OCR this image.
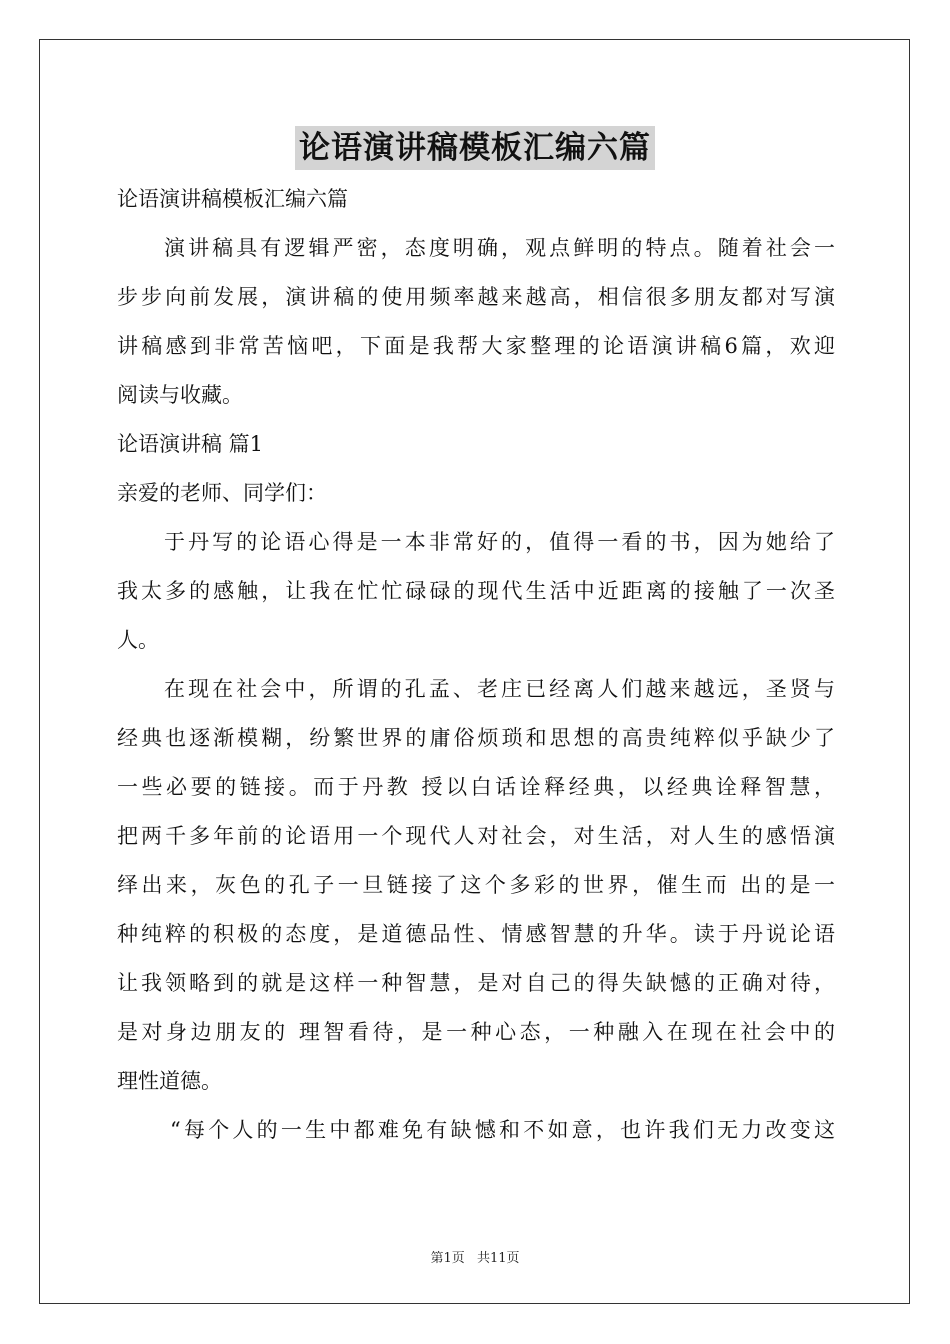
论语演讲稿模板汇编六篇
论语演讲稿模板汇编六篇
演讲稿具有逻辑严密，态度明确，观点鲜明的特点。随着社会一
步步向前发展，演讲稿的使用频率越来越高，相信很多朋友都对写演
讲稿感到非常苦恼吧，下面是我帮大家整理的论语演讲稿6篇，欢迎
阅读与收藏。
论语演讲稿 篇1
亲爱的老师、同学们：
于丹写的论语心得是一本非常好的，值得一看的书，因为她给了
我太多的感触，让我在忙忙碌碌的现代生活中近距离的接触了一次圣
人。
在现在社会中，所谓的孔孟、老庄已经离人们越来越远，圣贤与
经典也逐渐模糊，纷繁世界的庸俗烦琐和思想的高贵纯粹似乎缺少了
一些必要的链接。而于丹教 授以白话诠释经典，以经典诠释智慧，
把两千多年前的论语用一个现代人对社会，对生活，对人生的感悟演
绎出来，灰色的孔子一旦链接了这个多彩的世界，催生而 出的是一
种纯粹的积极的态度，是道德品性、情感智慧的升华。读于丹说论语
让我领略到的就是这样一种智慧，是对自己的得失缺憾的正确对待，
是对身边朋友的 理智看待，是一种心态，一种融入在现在社会中的
理性道德。
“每个人的一生中都难免有缺憾和不如意，也许我们无力改变这
第1页 共11页
